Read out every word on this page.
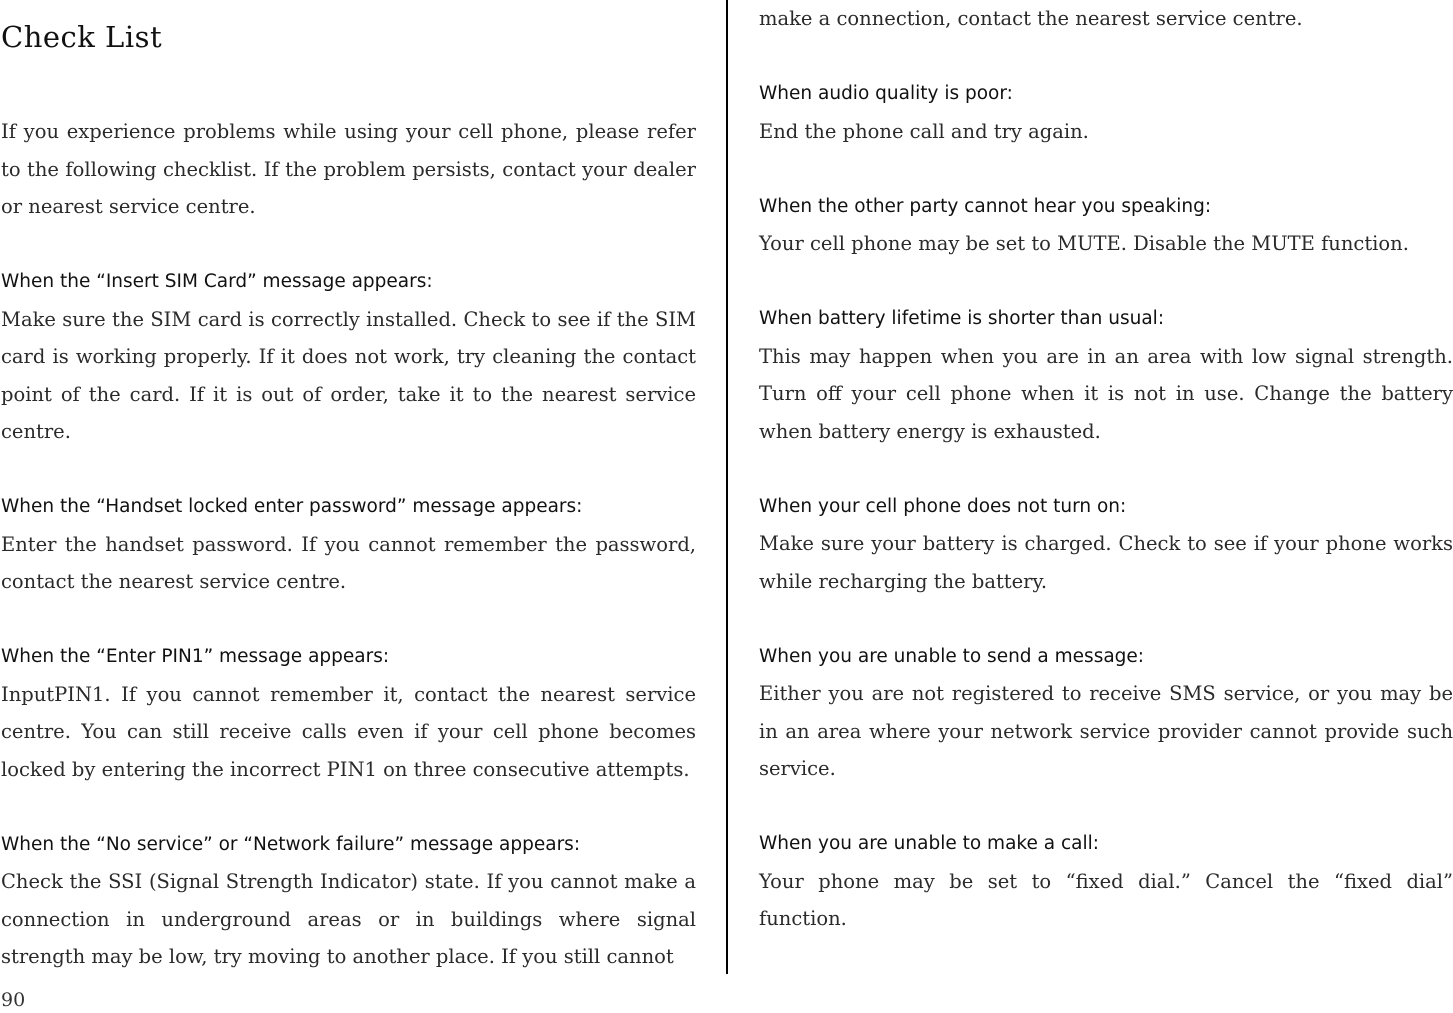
Check List
If you experience problems while using your cell phone, please refer to the following checklist. If the problem persists, contact your dealer or nearest service centre.
When the “Insert SIM Card” message appears:
Make sure the SIM card is correctly installed. Check to see if the SIM card is working properly. If it does not work, try cleaning the contact point of the card. If it is out of order, take it to the nearest service centre.
When the “Handset locked enter password” message appears:
Enter the handset password. If you cannot remember the password, contact the nearest service centre.
When the “Enter PIN1” message appears:
InputPIN1. If you cannot remember it, contact the nearest service centre. You can still receive calls even if your cell phone becomes locked by entering the incorrect PIN1 on three consecutive attempts.
When the “No service” or “Network failure” message appears:
Check the SSI (Signal Strength Indicator) state. If you cannot make a connection in underground areas or in buildings where signal strength may be low, try moving to another place. If you still cannot
make a connection, contact the nearest service centre.
When audio quality is poor:
End the phone call and try again.
When the other party cannot hear you speaking:
Your cell phone may be set to MUTE. Disable the MUTE function.
When battery lifetime is shorter than usual:
This may happen when you are in an area with low signal strength. Turn off your cell phone when it is not in use. Change the battery when battery energy is exhausted.
When your cell phone does not turn on:
Make sure your battery is charged. Check to see if your phone works while recharging the battery.
When you are unable to send a message:
Either you are not registered to receive SMS service, or you may be in an area where your network service provider cannot provide such service.
When you are unable to make a call:
Your phone may be set to “fixed dial.” Cancel the “fixed dial” function.
90
